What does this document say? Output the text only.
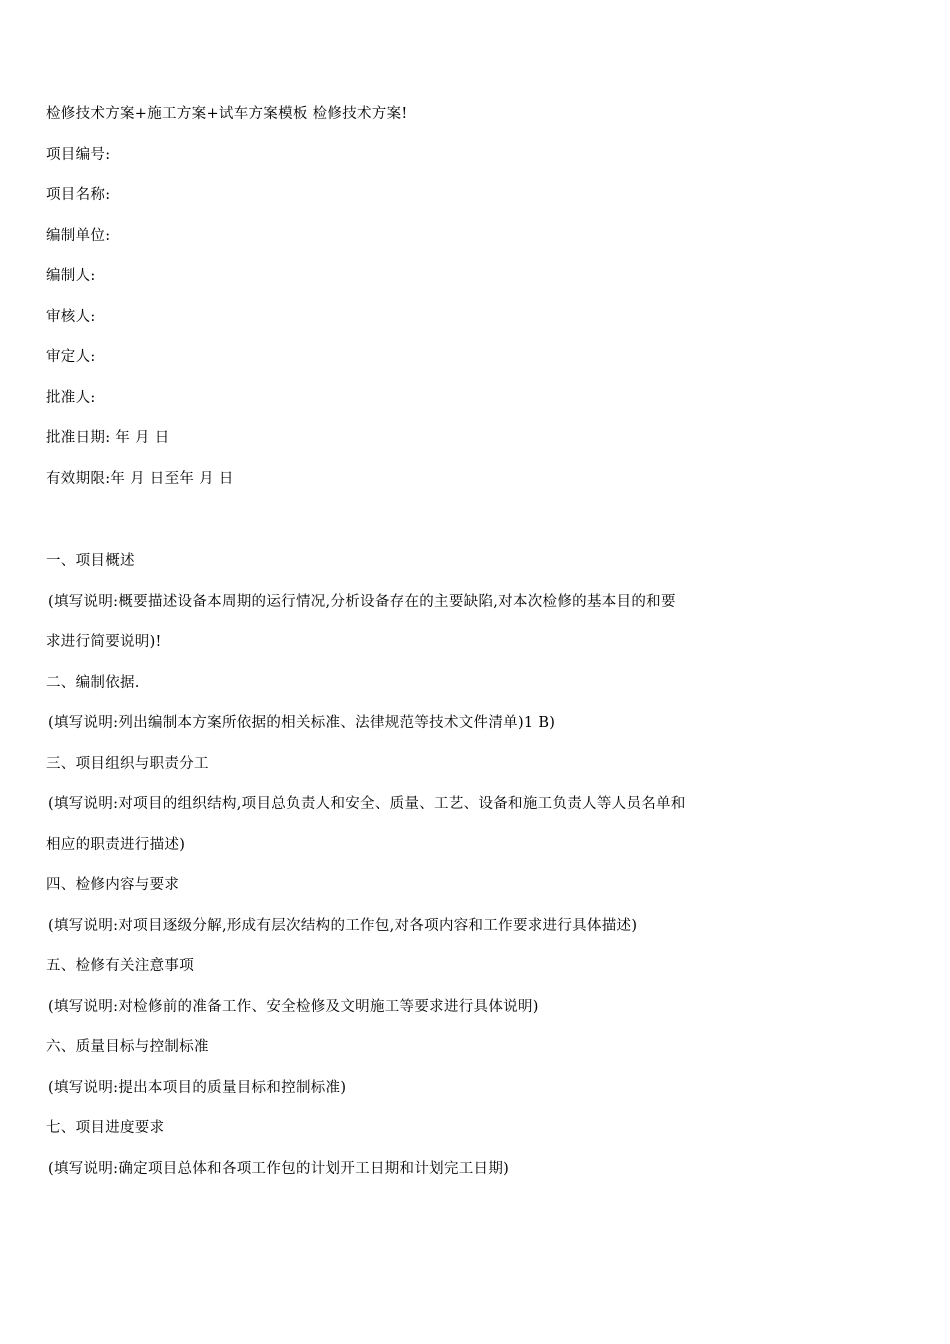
检修技术方案+施工方案+试车方案模板 检修技术方案!
项目编号:
项目名称:
编制单位:
编制人:
审核人:
审定人:
批准人:
批准日期: 年 月 日
有效期限:年 月 日至年 月 日
一、项目概述
(填写说明:概要描述设备本周期的运行情况,分析设备存在的主要缺陷,对本次检修的基本目的和要
求进行简要说明)!
二、编制依据.
(填写说明:列出编制本方案所依据的相关标准、法律规范等技术文件清单)1 B)
三、项目组织与职责分工
(填写说明:对项目的组织结构,项目总负责人和安全、质量、工艺、设备和施工负责人等人员名单和
相应的职责进行描述)
四、检修内容与要求
(填写说明:对项目逐级分解,形成有层次结构的工作包,对各项内容和工作要求进行具体描述)
五、检修有关注意事项
(填写说明:对检修前的准备工作、安全检修及文明施工等要求进行具体说明)
六、质量目标与控制标准
(填写说明:提出本项目的质量目标和控制标准)
七、项目进度要求
(填写说明:确定项目总体和各项工作包的计划开工日期和计划完工日期)
